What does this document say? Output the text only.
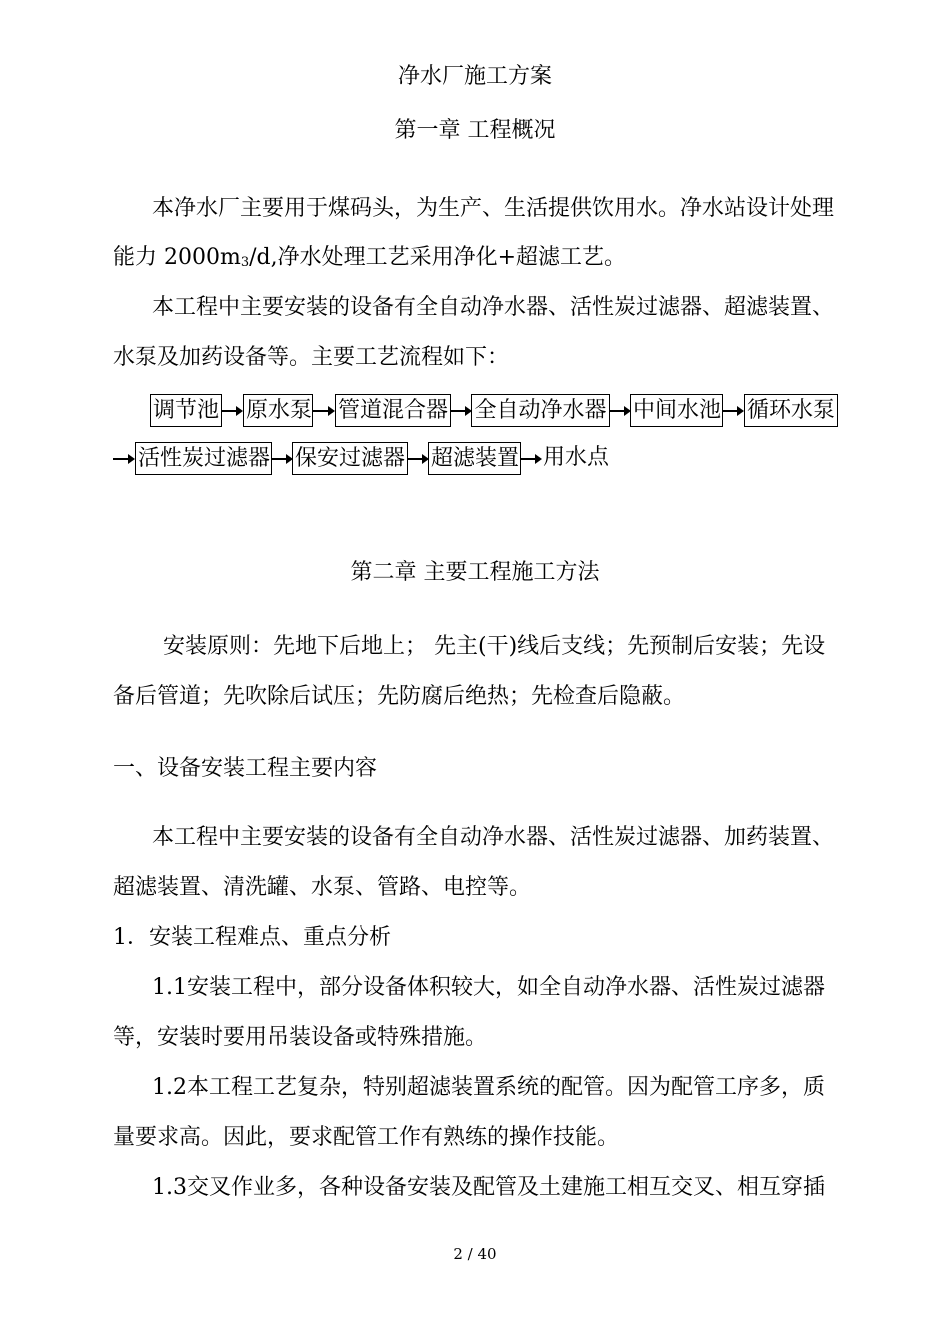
净水厂施工方案
第一章 工程概况
本净水厂主要用于煤码头，为生产、生活提供饮用水。净水站设计处理
能力 $2000m_3/d$,净水处理工艺采用净化+超滤工艺。
本工程中主要安装的设备有全自动净水器、活性炭过滤器、超滤装置、
水泵及加药设备等。主要工艺流程如下：
调节池 原水泵 管道混合器 全自动净水器 中间水池 循环水泵
活性炭过滤器 保安过滤器 超滤装置 用水点
第二章 主要工程施工方法
安装原则：先地下后地上； 先主(干)线后支线；先预制后安装；先设
备后管道；先吹除后试压；先防腐后绝热；先检查后隐蔽。
一、设备安装工程主要内容
本工程中主要安装的设备有全自动净水器、活性炭过滤器、加药装置、
超滤装置、清洗罐、水泵、管路、电控等。
1．安装工程难点、重点分析
1.1安装工程中，部分设备体积较大，如全自动净水器、活性炭过滤器
等，安装时要用吊装设备或特殊措施。
1.2本工程工艺复杂，特别超滤装置系统的配管。因为配管工序多，质
量要求高。因此，要求配管工作有熟练的操作技能。
1.3交叉作业多，各种设备安装及配管及土建施工相互交叉、相互穿插
2 / 40
